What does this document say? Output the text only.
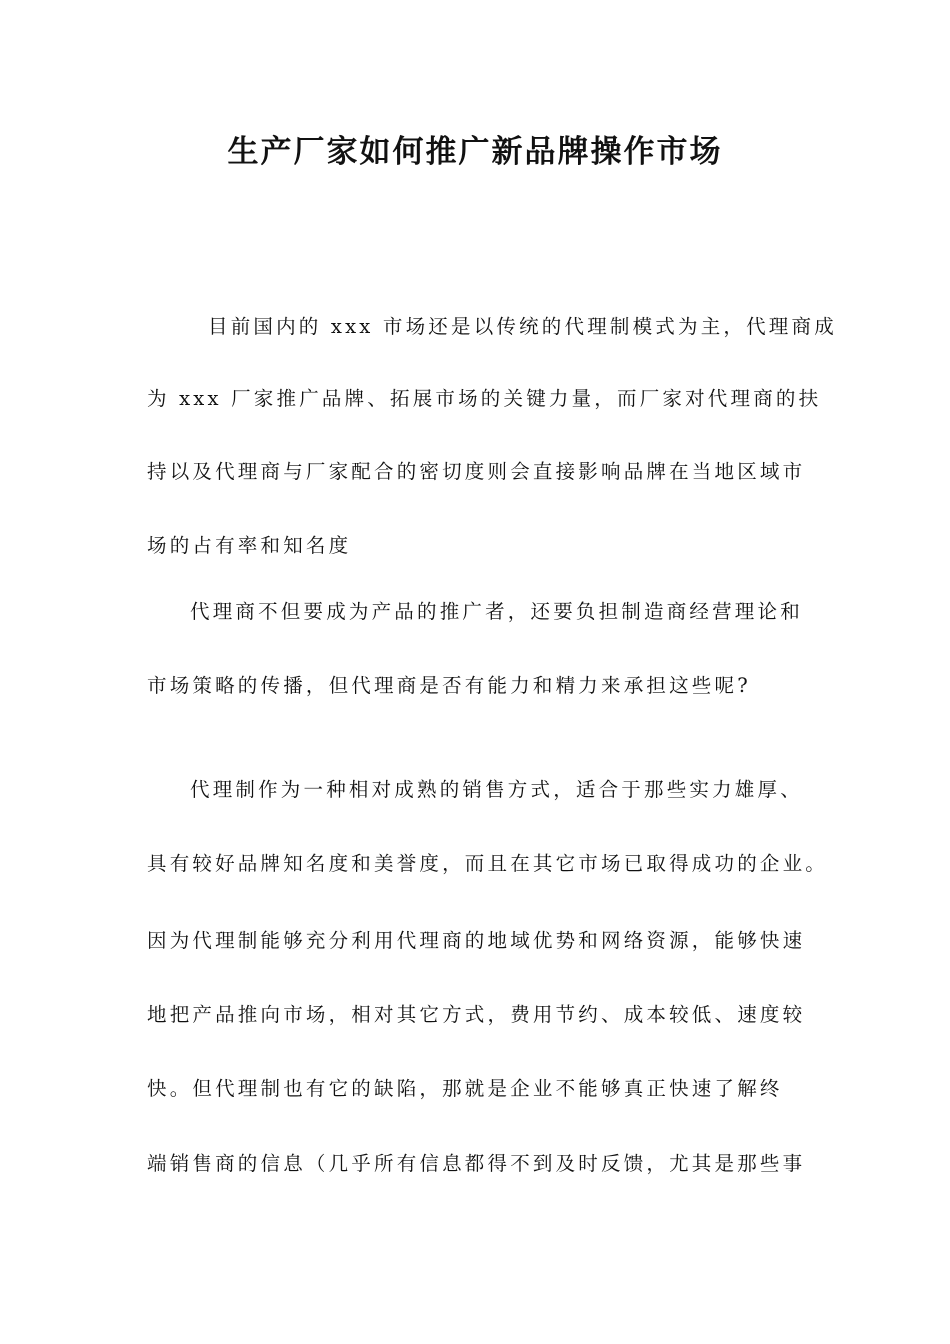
生产厂家如何推广新品牌操作市场
目前国内的 xxx 市场还是以传统的代理制模式为主，代理商成
为 xxx 厂家推广品牌、拓展市场的关键力量，而厂家对代理商的扶
持以及代理商与厂家配合的密切度则会直接影响品牌在当地区域市
场的占有率和知名度
代理商不但要成为产品的推广者，还要负担制造商经营理论和
市场策略的传播，但代理商是否有能力和精力来承担这些呢?
代理制作为一种相对成熟的销售方式，适合于那些实力雄厚、
具有较好品牌知名度和美誉度，而且在其它市场已取得成功的企业。
因为代理制能够充分利用代理商的地域优势和网络资源，能够快速
地把产品推向市场，相对其它方式，费用节约、成本较低、速度较
快。但代理制也有它的缺陷，那就是企业不能够真正快速了解终
端销售商的信息（几乎所有信息都得不到及时反馈，尤其是那些事
